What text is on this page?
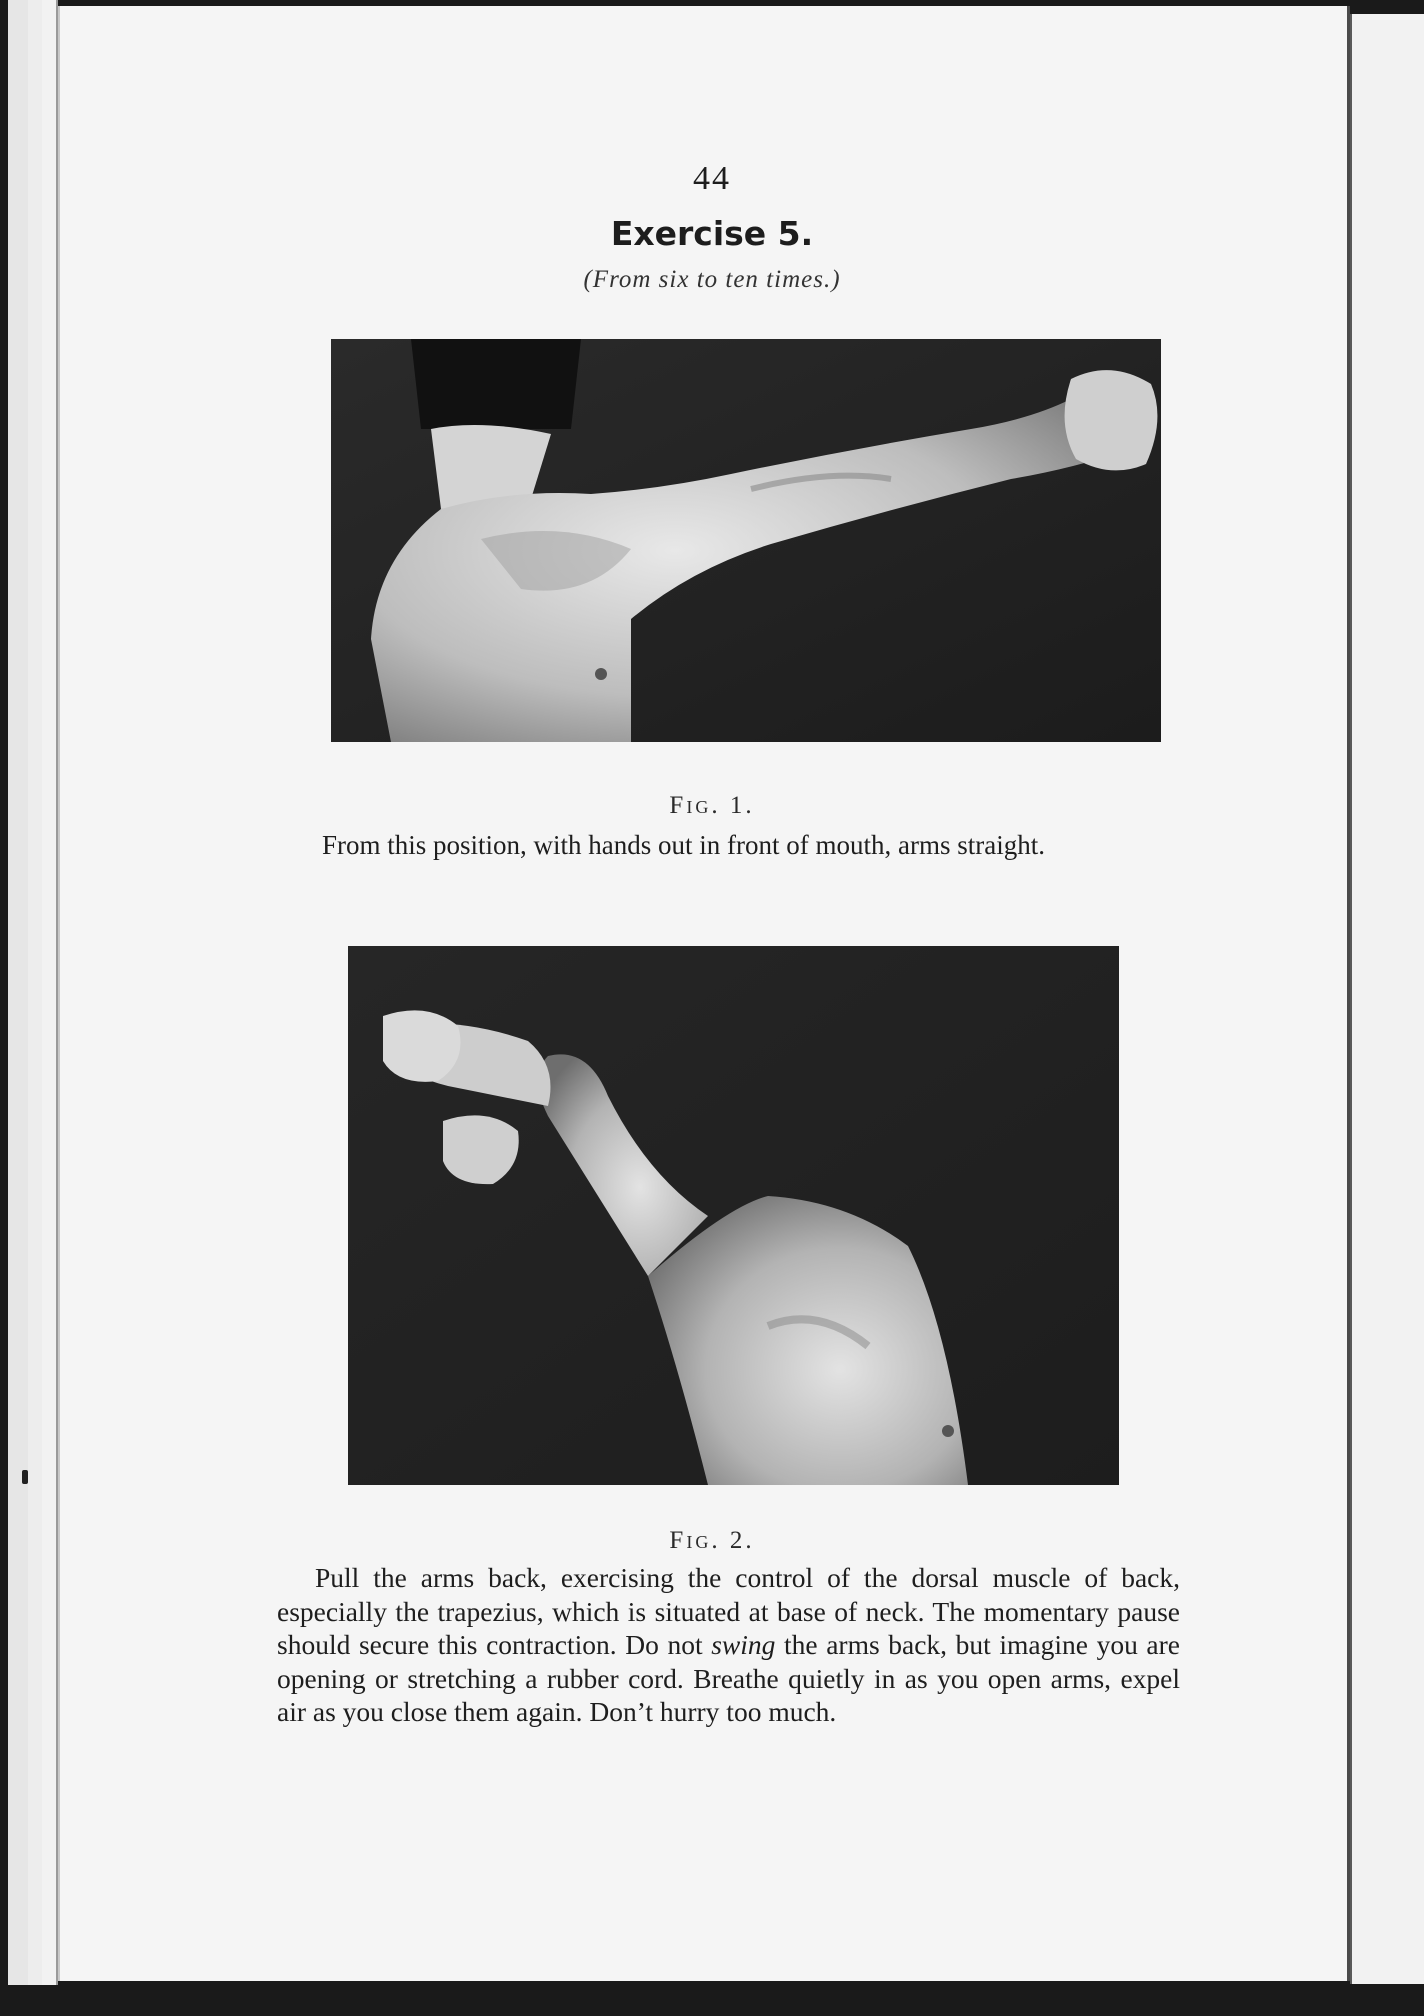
44
Exercise 5.
(From six to ten times.)
Fig. 1.
From this position, with hands out in front of mouth, arms straight.
Fig. 2.
Pull the arms back, exercising the control of the dorsal muscle of back, especially the trapezius, which is situated at base of neck. The momentary pause should secure this contraction. Do not swing the arms back, but imagine you are opening or stretching a rubber cord. Breathe quietly in as you open arms, expel air as you close them again. Don’t hurry too much.
